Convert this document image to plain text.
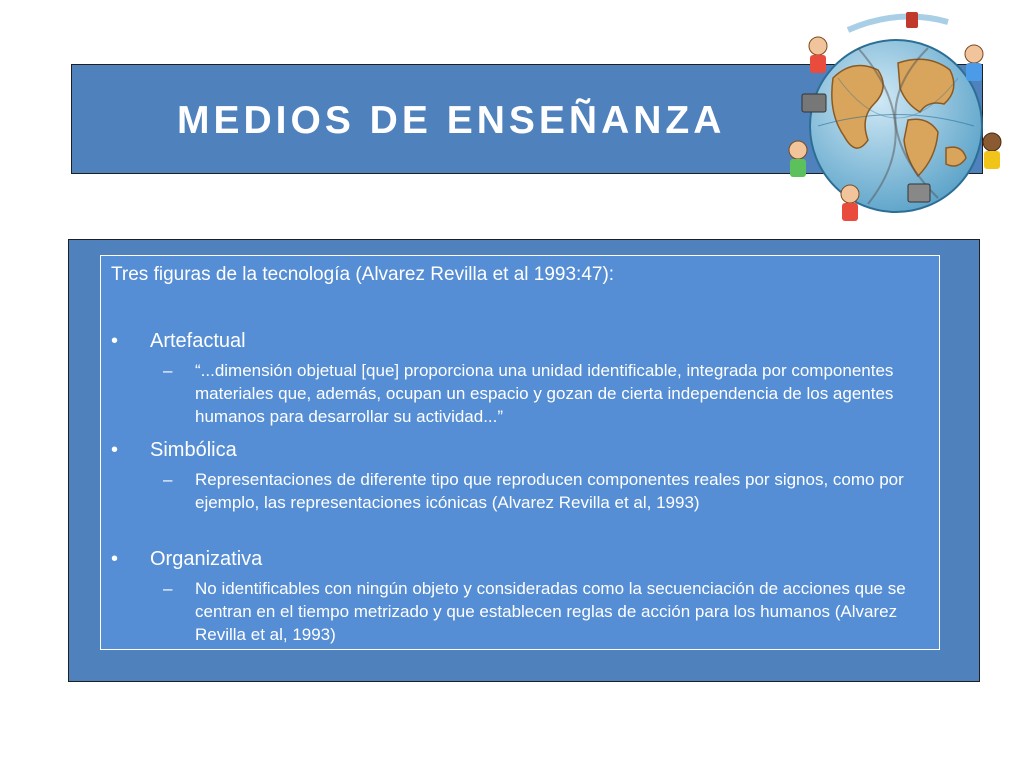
MEDIOS DE ENSEÑANZA
Tres figuras de la tecnología (Alvarez Revilla et al 1993:47):
• Artefactual
– “...dimensión objetual [que] proporciona una unidad identificable, integrada por componentes materiales que, además, ocupan un espacio y gozan de cierta independencia de los agentes humanos para desarrollar su actividad...”
• Simbólica
– Representaciones de diferente tipo que reproducen componentes reales por signos, como por ejemplo, las representaciones icónicas (Alvarez Revilla et al, 1993)
• Organizativa
– No identificables con ningún objeto y consideradas como la secuenciación de acciones que se centran en el tiempo metrizado y que establecen reglas de acción para los humanos (Alvarez Revilla et al, 1993)
